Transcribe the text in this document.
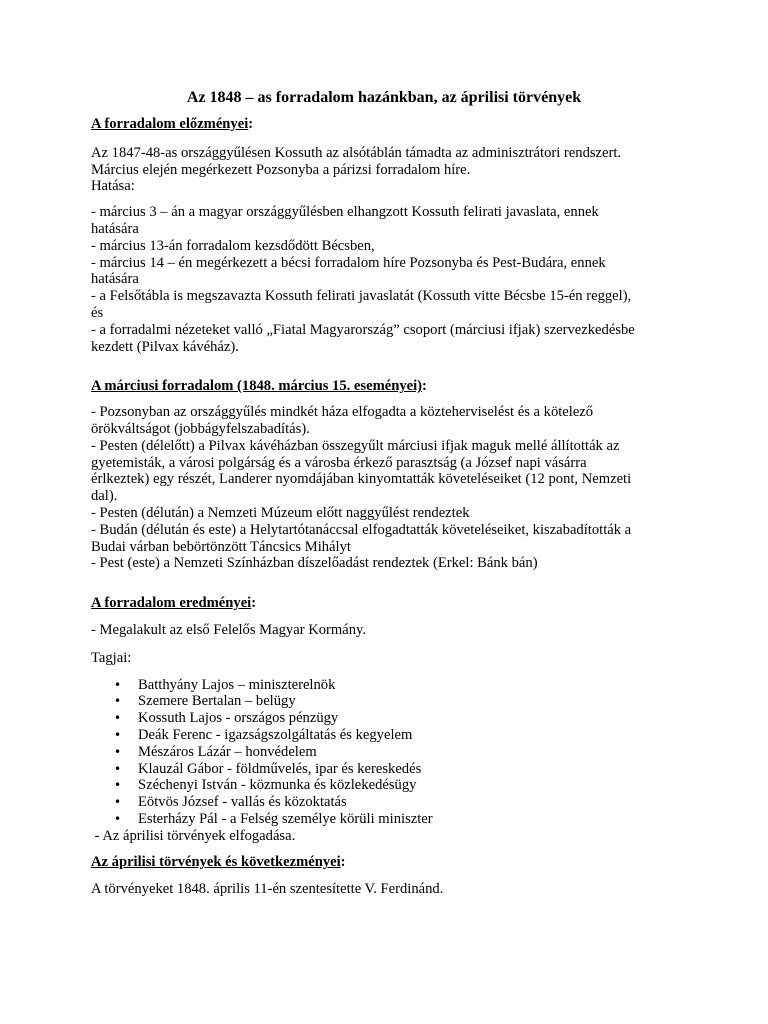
Az 1848 – as forradalom hazánkban, az áprilisi törvények
A forradalom előzményei:
Az 1847-48-as országgyűlésen Kossuth az alsótáblán támadta az adminisztrátori rendszert.
Március elején megérkezett Pozsonyba a párizsi forradalom híre.
Hatása:
- március 3 – án a magyar országgyűlésben elhangzott Kossuth felirati javaslata, ennek
hatására
- március 13-án forradalom kezsdődött Bécsben,
- március 14 – én megérkezett a bécsi forradalom híre Pozsonyba és Pest-Budára, ennek
hatására
- a Felsőtábla is megszavazta Kossuth felirati javaslatát (Kossuth vitte Bécsbe 15-én reggel),
és
- a forradalmi nézeteket valló „Fiatal Magyarország” csoport (márciusi ifjak) szervezkedésbe
kezdett (Pilvax kávéház).
A márciusi forradalom (1848. március 15. eseményei):
- Pozsonyban az országgyűlés mindkét háza elfogadta a közteherviselést és a kötelező
örökváltságot (jobbágyfelszabadítás).
- Pesten (délelőtt) a Pilvax kávéházban összegyűlt márciusi ifjak maguk mellé állították az
gyetemisták, a városi polgárság és a városba érkező parasztság (a József napi vásárra
érlkeztek) egy részét, Landerer nyomdájában kinyomtatták követeléseiket (12 pont, Nemzeti
dal).
- Pesten (délután) a Nemzeti Múzeum előtt naggyűlést rendeztek
- Budán (délután és este) a Helytartótanáccsal elfogadtatták követeléseiket, kiszabadították a
Budai várban bebörtönzött Táncsics Mihályt
- Pest (este) a Nemzeti Színházban díszelőadást rendeztek (Erkel: Bánk bán)
A forradalom eredményei:
- Megalakult az első Felelős Magyar Kormány.
Tagjai:
• Batthyány Lajos – miniszterelnök
• Szemere Bertalan – belügy
• Kossuth Lajos - országos pénzügy
• Deák Ferenc - igazságszolgáltatás és kegyelem
• Mészáros Lázár – honvédelem
• Klauzál Gábor - földművelés, ipar és kereskedés
• Széchenyi István - közmunka és közlekedésügy
• Eötvös József - vallás és közoktatás
• Esterházy Pál - a Felség személye körüli miniszter
- Az áprilisi törvények elfogadása.
Az áprilisi törvények és következményei:
A törvényeket 1848. április 11-én szentesítette V. Ferdinánd.
